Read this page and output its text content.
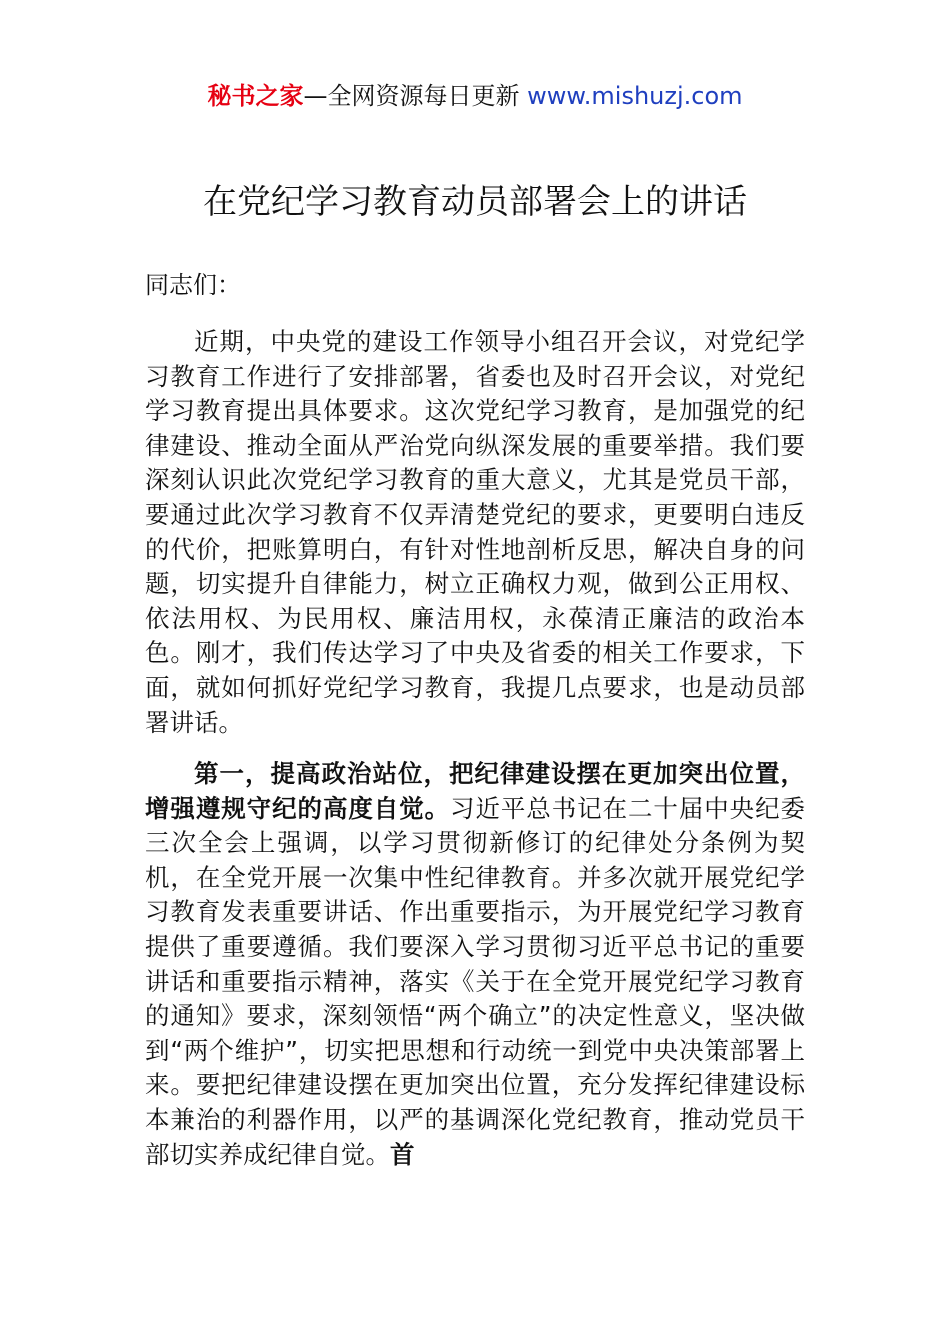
秘书之家—全网资源每日更新 www.mishuzj.com
在党纪学习教育动员部署会上的讲话
同志们：

近期，中央党的建设工作领导小组召开会议，对党纪学习教育工作进行了安排部署，省委也及时召开会议，对党纪学习教育提出具体要求。这次党纪学习教育，是加强党的纪律建设、推动全面从严治党向纵深发展的重要举措。我们要深刻认识此次党纪学习教育的重大意义，尤其是党员干部，要通过此次学习教育不仅弄清楚党纪的要求，更要明白违反的代价，把账算明白，有针对性地剖析反思，解决自身的问题，切实提升自律能力，树立正确权力观，做到公正用权、依法用权、为民用权、廉洁用权，永葆清正廉洁的政治本色。刚才，我们传达学习了中央及省委的相关工作要求，下面，就如何抓好党纪学习教育，我提几点要求，也是动员部署讲话。

第一，提高政治站位，把纪律建设摆在更加突出位置，增强遵规守纪的高度自觉。习近平总书记在二十届中央纪委三次全会上强调，以学习贯彻新修订的纪律处分条例为契机，在全党开展一次集中性纪律教育。并多次就开展党纪学习教育发表重要讲话、作出重要指示，为开展党纪学习教育提供了重要遵循。我们要深入学习贯彻习近平总书记的重要讲话和重要指示精神，落实《关于在全党开展党纪学习教育的通知》要求，深刻领悟“两个确立”的决定性意义，坚决做到“两个维护”，切实把思想和行动统一到党中央决策部署上来。要把纪律建设摆在更加突出位置，充分发挥纪律建设标本兼治的利器作用，以严的基调深化党纪教育，推动党员干部切实养成纪律自觉。首
